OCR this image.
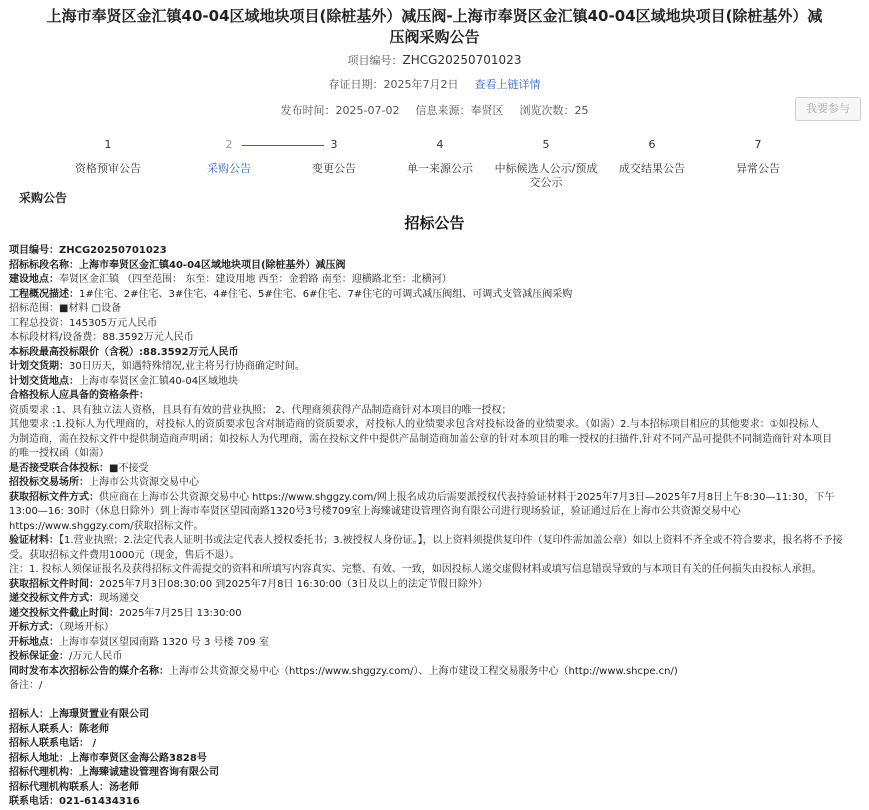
上海市奉贤区金汇镇40-04区域地块项目(除桩基外）减压阀-上海市奉贤区金汇镇40-04区域地块项目(除桩基外）减压阀采购公告
项目编号：ZHCG20250701023
存证日期：2025年7月2日 查看上链详情
发布时间：2025-07-02 信息来源：奉贤区 浏览次数：25	我要参与
1
资格预审公告
2
采购公告
3
变更公告
4
单一来源公示
5
中标候选人公示/预成交公示
6
成交结果公告
7
异常公告
采购公告
招标公告

项目编号：ZHCG20250701023

招标标段名称：上海市奉贤区金汇镇40-04区域地块项目(除桩基外）减压阀

建设地点：奉贤区金汇镇 （四至范围： 东至：建设用地 西至：金碧路 南至：迎横路北至：北横河）

工程概况描述：1#住宅、2#住宅、3#住宅、4#住宅、5#住宅、6#住宅、7#住宅的可调式减压阀组、可调式支管减压阀采购

招标范围：■材料 □设备

工程总投资：145305万元人民币

本标段材料/设备费：88.3592万元人民币

本标段最高投标限价（含税）:88.3592万元人民币

计划交货期：30日历天，如遇特殊情况,业主将另行协商确定时间。

计划交货地点：上海市奉贤区金汇镇40-04区域地块

合格投标人应具备的资格条件：

资质要求 :1、具有独立法人资格，且具有有效的营业执照； 2、代理商须获得产品制造商针对本项目的唯一授权；

其他要求 :1.投标人为代理商的，对投标人的资质要求包含对制造商的资质要求，对投标人的业绩要求包含对投标设备的业绩要求。（如需）2.与本招标项目相应的其他要求：①如投标人

为制造商，需在投标文件中提供制造商声明函；如投标人为代理商，需在投标文件中提供产品制造商加盖公章的针对本项目的唯一授权的扫描件,针对不同产品可提供不同制造商针对本项目

的唯一授权函（如需）

是否接受联合体投标：■不接受

招投标交易场所：上海市公共资源交易中心

获取招标文件方式：供应商在上海市公共资源交易中心 https://www.shggzy.com/网上报名成功后需要派授权代表持验证材料于2025年7月3日—2025年7月8日上午8:30—11:30，下午13:00—16: 30时（休息日除外）到上海市奉贤区望园南路1320号3号楼709室上海臻诚建设管理咨询有限公司进行现场验证，验证通过后在上海市公共资源交易中心https://www.shggzy.com/获取招标文件。

验证材料：【1.营业执照；2.法定代表人证明书或法定代表人授权委托书；3.被授权人身份证。】，以上资料须提供复印件（复印件需加盖公章）如以上资料不齐全或不符合要求，报名将不予接受。获取招标文件费用1000元（现金，售后不退）。

注：1. 投标人须保证报名及获得招标文件需提交的资料和所填写内容真实、完整、有效、一致，如因投标人递交虚假材料或填写信息错误导致的与本项目有关的任何损失由投标人承担。

获取招标文件时间：2025年7月3日08:30:00 到2025年7月8日 16:30:00（3日及以上的法定节假日除外）

递交投标文件方式：现场递交

递交投标文件截止时间：2025年7月25日 13:30:00

开标方式：（现场开标）

开标地点：上海市奉贤区望园南路 1320 号 3 号楼 709 室

投标保证金：/万元人民币

同时发布本次招标公告的媒介名称：上海市公共资源交易中心（https://www.shggzy.com/）、上海市建设工程交易服务中心（http://www.shcpe.cn/)

备注：/

招标人：上海璟贤置业有限公司

招标人联系人：陈老师

招标人联系电话： /

招标人地址：上海市奉贤区金海公路3828号

招标代理机构：上海臻诚建设管理咨询有限公司

招标代理机构联系人：汤老师

联系电话：021-61434316
